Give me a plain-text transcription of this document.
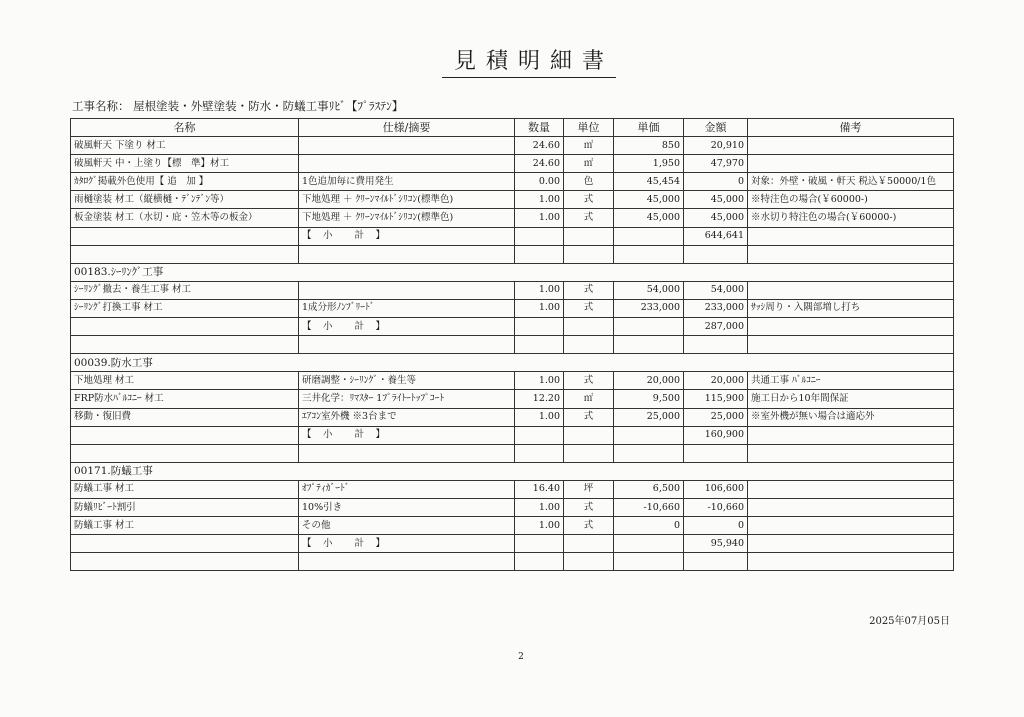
見積明細書
工事名称： 屋根塗装・外壁塗装・防水・防蟻工事ﾘﾋﾞ【ﾌﾟﾗｽﾃﾝ】
名称	仕様/摘要	数量	単位	単価	金額	備考
破風軒天 下塗り 材工		24.60	㎡	850	20,910	
破風軒天 中・上塗り【標　準】材工		24.60	㎡	1,950	47,970	
ｶﾀﾛｸﾞ掲載外色使用【 追　加 】	1色追加毎に費用発生	0.00	色	45,454	0	対象：外壁・破風・軒天 税込￥50000/1色
雨樋塗装 材工（縦横樋・ﾃﾞﾝﾃﾞﾝ等）	下地処理 ＋ ｸﾘｰﾝﾏｲﾙﾄﾞｼﾘｺﾝ(標準色)	1.00	式	45,000	45,000	※特注色の場合(￥60000-)
板金塗装 材工（水切・庇・笠木等の板金）	下地処理 ＋ ｸﾘｰﾝﾏｲﾙﾄﾞｼﾘｺﾝ(標準色)	1.00	式	45,000	45,000	※水切り特注色の場合(￥60000-)
	【　小　　計　】				644,641	

00183.ｼｰﾘﾝｸﾞ工事						
ｼｰﾘﾝｸﾞ撤去・養生工事 材工		1.00	式	54,000	54,000	
ｼｰﾘﾝｸﾞ打換工事 材工	1成分形ﾉﾝﾌﾞﾘｰﾄﾞ	1.00	式	233,000	233,000	ｻｯｼ周り・入隅部増し打ち
	【　小　　計　】				287,000	

00039.防水工事						
下地処理 材工	研磨調整・ｼｰﾘﾝｸﾞ・養生等	1.00	式	20,000	20,000	共通工事 ﾊﾞﾙｺﾆｰ
FRP防水ﾊﾞﾙｺﾆｰ 材工	三井化学：ﾘﾏｽﾀｰ 1ﾌﾟﾗｲﾄｰﾄｯﾌﾟｺｰﾄ	12.20	㎡	9,500	115,900	施工日から10年間保証
移動・復旧費	ｴｱｺﾝ室外機 ※3台まで	1.00	式	25,000	25,000	※室外機が無い場合は適応外
	【　小　　計　】				160,900	

00171.防蟻工事						
防蟻工事 材工	ｵﾌﾟﾃｨｶﾞｰﾄﾞ	16.40	坪	6,500	106,600	
防蟻ﾘﾋﾞｰﾄ割引	10%引き	1.00	式	-10,660	-10,660	
防蟻工事 材工	その他	1.00	式	0	0	
	【　小　　計　】				95,940	

2025年07月05日
2
